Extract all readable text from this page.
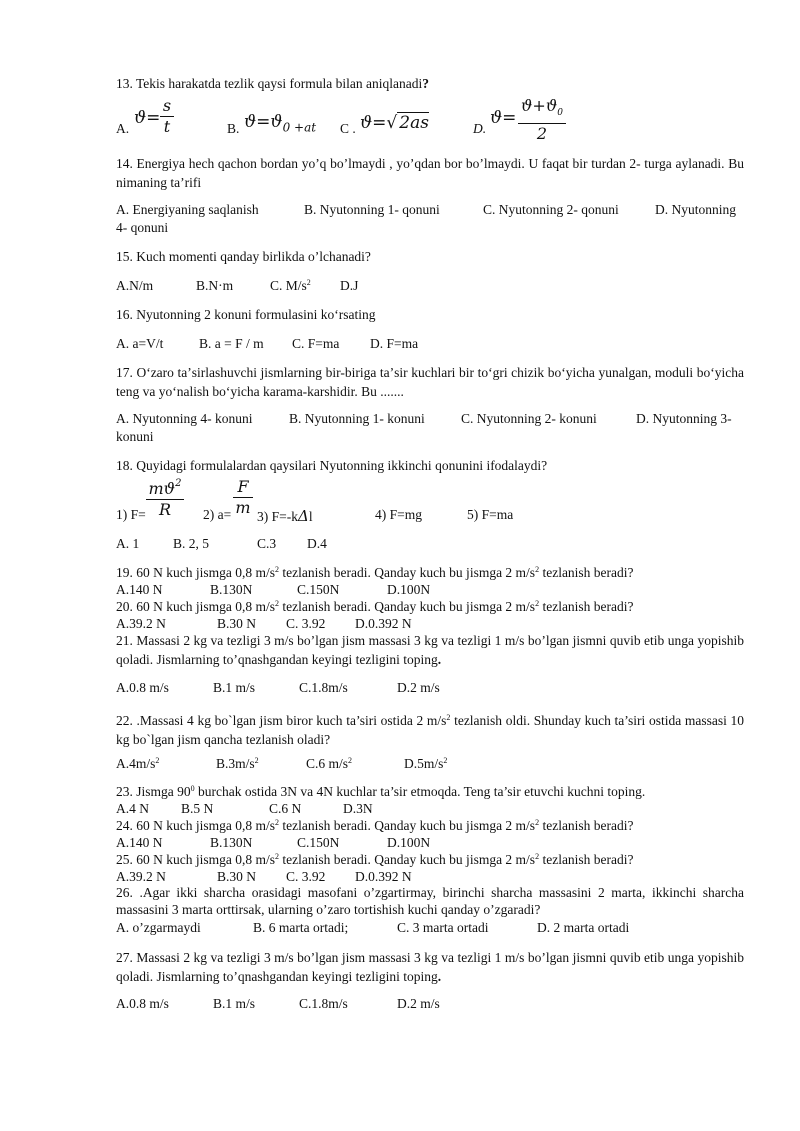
13. Tekis harakatda tezlik qaysi formula bilan aniqlanadi?
A.
$ϑ= \frac{s}{t}$	B. $ϑ=ϑ_{0 +at}$ C . ϑ=√ 2as	D.
$ϑ= \frac{ϑ+ϑ_0}{2}$
14. Energiya hech qachon bordan yo’q bo’lmaydi , yo’qdan bor bo’lmaydi. U faqat bir turdan 2- turga aylanadi. Bu nimaning ta’rifi
A. Energiyaning saqlanish	B. Nyutonning 1- qonuni	C. Nyutonning 2- qonuni	D. Nyutonning
4- qonuni
15. Kuch momenti qanday birlikda o’lchanadi?
A.N/m	B.N·m	C. $M/s^2$ D.J
16. Nyutonning 2 konuni formulasini koʻrsating
A. a=V/t	B. a = F / m C. F=ma D. F=ma
17. Oʻzaro taʼsirlashuvchi jismlarning bir-biriga taʼsir kuchlari bir toʻgri chizik boʻyicha yunalgan, moduli boʻyicha teng va yoʻnalish boʻyicha karama-karshidir. Bu .......
A. Nyutonning 4- konuni	B. Nyutonning 1- konuni	C. Nyutonning 2- konuni	D. Nyutonning 3-
konuni
18. Quyidagi formulalardan qaysilari Nyutonning ikkinchi qonunini ifodalaydi?
1) $F= \frac{mϑ^2}{R} 2$) $a= \frac{F}{m} 3$) F=-kΔl	4) F=mg	5) F=ma
A. 1	B. 2, 5	C.3 D.4
19. 60 N kuch jismga 0,8 $m/s^2$ tezlanish beradi. Qanday kuch bu jismga 2 $m/s^2$ tezlanish beradi?
A.140 N	B.130N	C.150N	D.100N
20. 60 N kuch jismga 0,8 $m/s^2$ tezlanish beradi. Qanday kuch bu jismga 2 $m/s^2$ tezlanish beradi?
A.39.2 N	B.30 N C. 3.92 D.0.392 N
21. Massasi 2 kg va tezligi 3 m/s bo’lgan jism massasi 3 kg va tezligi 1 m/s bo’lgan jismni quvib etib unga yopishib qoladi. Jismlarning to’qnashgandan keyingi tezligini toping.
A.0.8 m/s	B.1 m/s	C.1.8m/s	D.2 m/s
22. .Massasi 4 kg bo`lgan jism biror kuch ta’siri ostida 2 $m/s^2$ tezlanish oldi. Shunday kuch ta’siri ostida massasi 10 kg bo`lgan jism qancha tezlanish oladi?
$A.4m/s^2$	$B.3m/s^2$	C.6 $m/s^2$	$D.5m/s^2$
23. Jismga $90^0$ burchak ostida 3N va 4N kuchlar ta’sir etmoqda. Teng ta’sir etuvchi kuchni toping.
A.4 N B.5 N	C.6 N	D.3N
24. 60 N kuch jismga 0,8 $m/s^2$ tezlanish beradi. Qanday kuch bu jismga 2 $m/s^2$ tezlanish beradi?
A.140 N	B.130N	C.150N	D.100N
25. 60 N kuch jismga 0,8 $m/s^2$ tezlanish beradi. Qanday kuch bu jismga 2 $m/s^2$ tezlanish beradi?
A.39.2 N	B.30 N C. 3.92 D.0.392 N
26. .Agar ikki sharcha orasidagi masofani o’zgartirmay, birinchi sharcha massasini 2 marta, ikkinchi sharcha massasini 3 marta orttirsak, ularning o’zaro tortishish kuchi qanday o’zgaradi?
A. o’zgarmaydi	B. 6 marta ortadi;	C. 3 marta ortadi	D. 2 marta ortadi
27. Massasi 2 kg va tezligi 3 m/s bo’lgan jism massasi 3 kg va tezligi 1 m/s bo’lgan jismni quvib etib unga yopishib qoladi. Jismlarning to’qnashgandan keyingi tezligini toping.
A.0.8 m/s	B.1 m/s	C.1.8m/s	D.2 m/s
